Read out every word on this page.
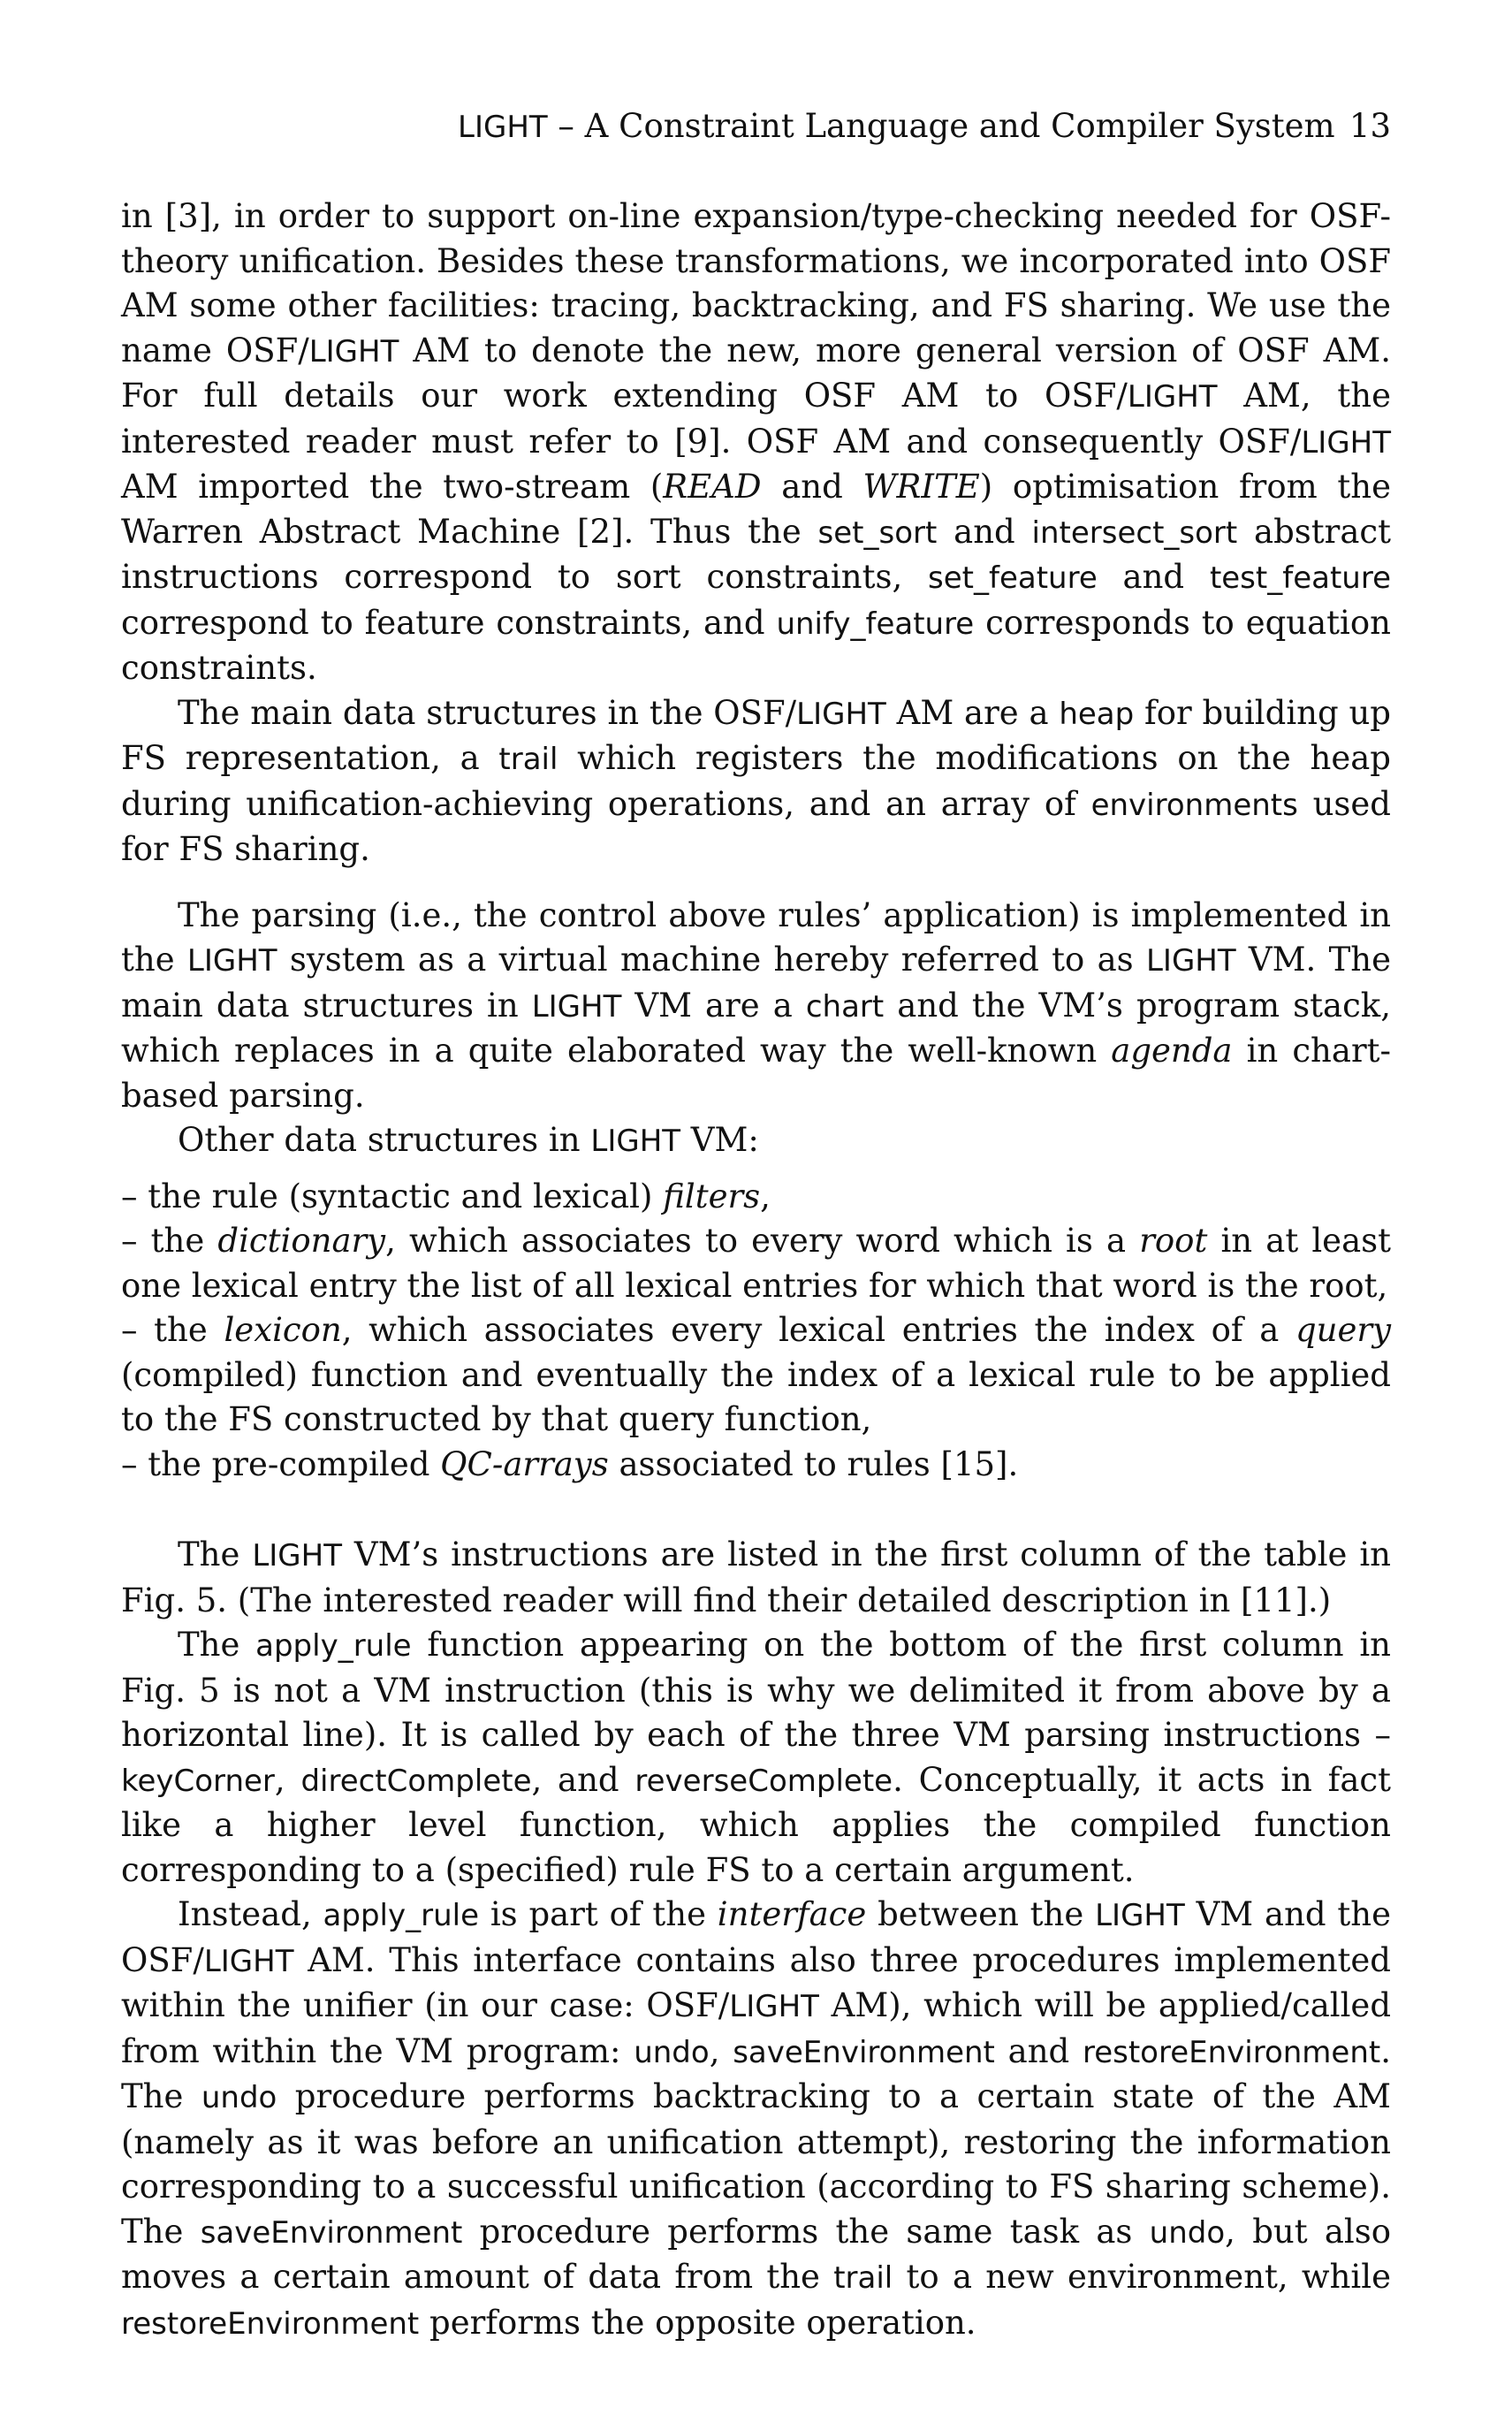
LIGHT – A Constraint Language and Compiler System 13

in [3], in order to support on-line expansion/type-checking needed for OSF-theory unification. Besides these transformations, we incorporated into OSF AM some other facilities: tracing, backtracking, and FS sharing. We use the name OSF/LIGHT AM to denote the new, more general version of OSF AM. For full details our work extending OSF AM to OSF/LIGHT AM, the interested reader must refer to [9]. OSF AM and consequently OSF/LIGHT AM imported the two-stream (READ and WRITE) optimisation from the Warren Abstract Machine [2]. Thus the set_sort and intersect_sort abstract instructions correspond to sort constraints, set_feature and test_feature correspond to feature constraints, and unify_feature corresponds to equation constraints.

The main data structures in the OSF/LIGHT AM are a heap for building up FS representation, a trail which registers the modifications on the heap during unification-achieving operations, and an array of environments used for FS sharing.

The parsing (i.e., the control above rules’ application) is implemented in the LIGHT system as a virtual machine hereby referred to as LIGHT VM. The main data structures in LIGHT VM are a chart and the VM’s program stack, which replaces in a quite elaborated way the well-known agenda in chart-based parsing.

Other data structures in LIGHT VM:

– the rule (syntactic and lexical) filters,

– the dictionary, which associates to every word which is a root in at least one lexical entry the list of all lexical entries for which that word is the root,

– the lexicon, which associates every lexical entries the index of a query (compiled) function and eventually the index of a lexical rule to be applied to the FS constructed by that query function,

– the pre-compiled QC-arrays associated to rules [15].

The LIGHT VM’s instructions are listed in the first column of the table in Fig. 5. (The interested reader will find their detailed description in [11].)

The apply_rule function appearing on the bottom of the first column in Fig. 5 is not a VM instruction (this is why we delimited it from above by a horizontal line). It is called by each of the three VM parsing instructions – keyCorner, directComplete, and reverseComplete. Conceptually, it acts in fact like a higher level function, which applies the compiled function corresponding to a (specified) rule FS to a certain argument.

Instead, apply_rule is part of the interface between the LIGHT VM and the OSF/LIGHT AM. This interface contains also three procedures implemented within the unifier (in our case: OSF/LIGHT AM), which will be applied/called from within the VM program: undo, saveEnvironment and restoreEnvironment. The undo procedure performs backtracking to a certain state of the AM (namely as it was before an unification attempt), restoring the information corresponding to a successful unification (according to FS sharing scheme). The saveEnvironment procedure performs the same task as undo, but also moves a certain amount of data from the trail to a new environment, while restoreEnvironment performs the opposite operation.
